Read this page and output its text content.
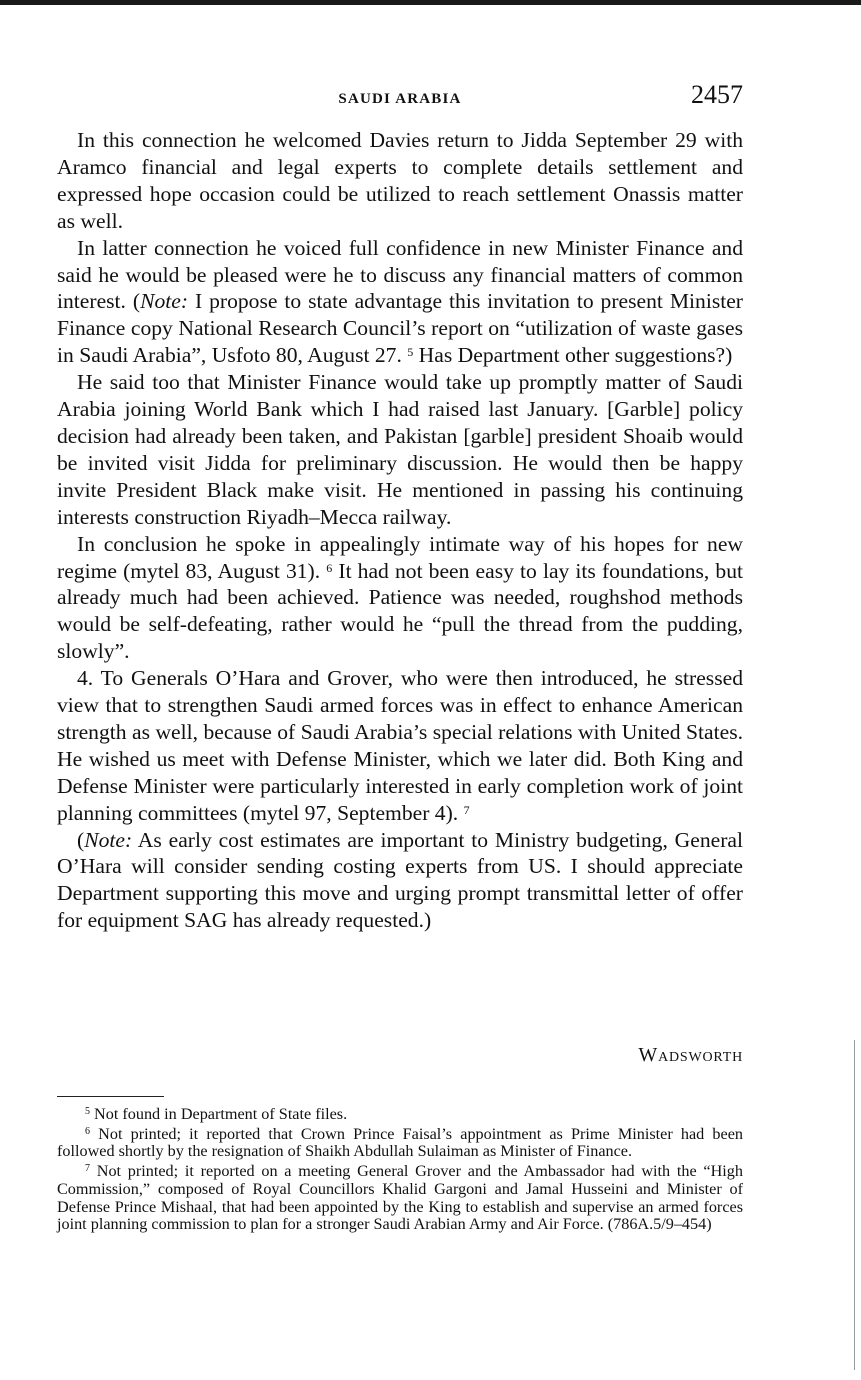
SAUDI ARABIA	2457

In this connection he welcomed Davies return to Jidda September 29 with Aramco financial and legal experts to complete details settlement and expressed hope occasion could be utilized to reach settlement Onassis matter as well.

In latter connection he voiced full confidence in new Minister Finance and said he would be pleased were he to discuss any financial matters of common interest. (Note: I propose to state advantage this invitation to present Minister Finance copy National Research Council’s report on “utilization of waste gases in Saudi Arabia”, Usfoto 80, August 27. $^5$ Has Department other suggestions?)

He said too that Minister Finance would take up promptly matter of Saudi Arabia joining World Bank which I had raised last January. [Garble] policy decision had already been taken, and Pakistan [garble] president Shoaib would be invited visit Jidda for preliminary discussion. He would then be happy invite President Black make visit. He mentioned in passing his continuing interests construction Riyadh–Mecca railway.

In conclusion he spoke in appealingly intimate way of his hopes for new regime (mytel 83, August 31). $^6$ It had not been easy to lay its foundations, but already much had been achieved. Patience was needed, roughshod methods would be self-defeating, rather would he “pull the thread from the pudding, slowly”.

4. To Generals O’Hara and Grover, who were then introduced, he stressed view that to strengthen Saudi armed forces was in effect to enhance American strength as well, because of Saudi Arabia’s special relations with United States. He wished us meet with Defense Minister, which we later did. Both King and Defense Minister were particularly interested in early completion work of joint planning committees (mytel 97, September 4). $^7$

(Note: As early cost estimates are important to Ministry budgeting, General O’Hara will consider sending costing experts from US. I should appreciate Department supporting this move and urging prompt transmittal letter of offer for equipment SAG has already requested.)

Wadsworth

$^5$ Not found in Department of State files.

$^6$ Not printed; it reported that Crown Prince Faisal’s appointment as Prime Minister had been followed shortly by the resignation of Shaikh Abdullah Sulaiman as Minister of Finance.

$^7$ Not printed; it reported on a meeting General Grover and the Ambassador had with the “High Commission,” composed of Royal Councillors Khalid Gargoni and Jamal Husseini and Minister of Defense Prince Mishaal, that had been appointed by the King to establish and supervise an armed forces joint planning commission to plan for a stronger Saudi Arabian Army and Air Force. (786A.5/9–454)
